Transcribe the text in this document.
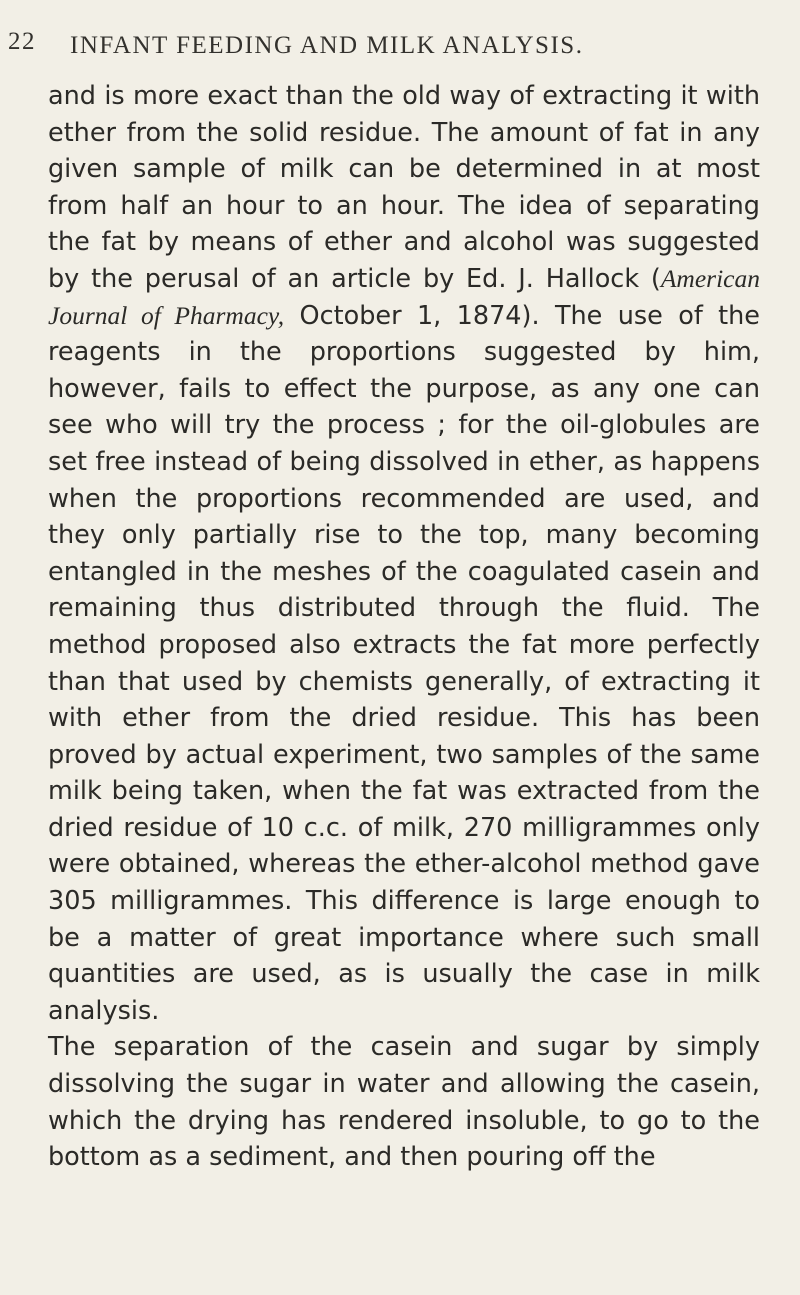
22 INFANT FEEDING AND MILK ANALYSIS.

and is more exact than the old way of extracting it with ether from the solid residue. The amount of fat in any given sample of milk can be determined in at most from half an hour to an hour. The idea of separating the fat by means of ether and alcohol was suggested by the perusal of an article by Ed. J. Hallock (American Journal of Pharmacy, October 1, 1874). The use of the reagents in the proportions suggested by him, however, fails to effect the purpose, as any one can see who will try the process ; for the oil-globules are set free instead of being dissolved in ether, as happens when the proportions recommended are used, and they only partially rise to the top, many becoming entangled in the meshes of the coagulated casein and remaining thus distributed through the fluid. The method proposed also extracts the fat more perfectly than that used by chemists generally, of extracting it with ether from the dried residue. This has been proved by actual experiment, two samples of the same milk being taken, when the fat was extracted from the dried residue of 10 c.c. of milk, 270 milligrammes only were obtained, whereas the ether-alcohol method gave 305 milligrammes. This difference is large enough to be a matter of great importance where such small quantities are used, as is usually the case in milk analysis.

The separation of the casein and sugar by simply dissolving the sugar in water and allowing the casein, which the drying has rendered insoluble, to go to the bottom as a sediment, and then pouring off the
